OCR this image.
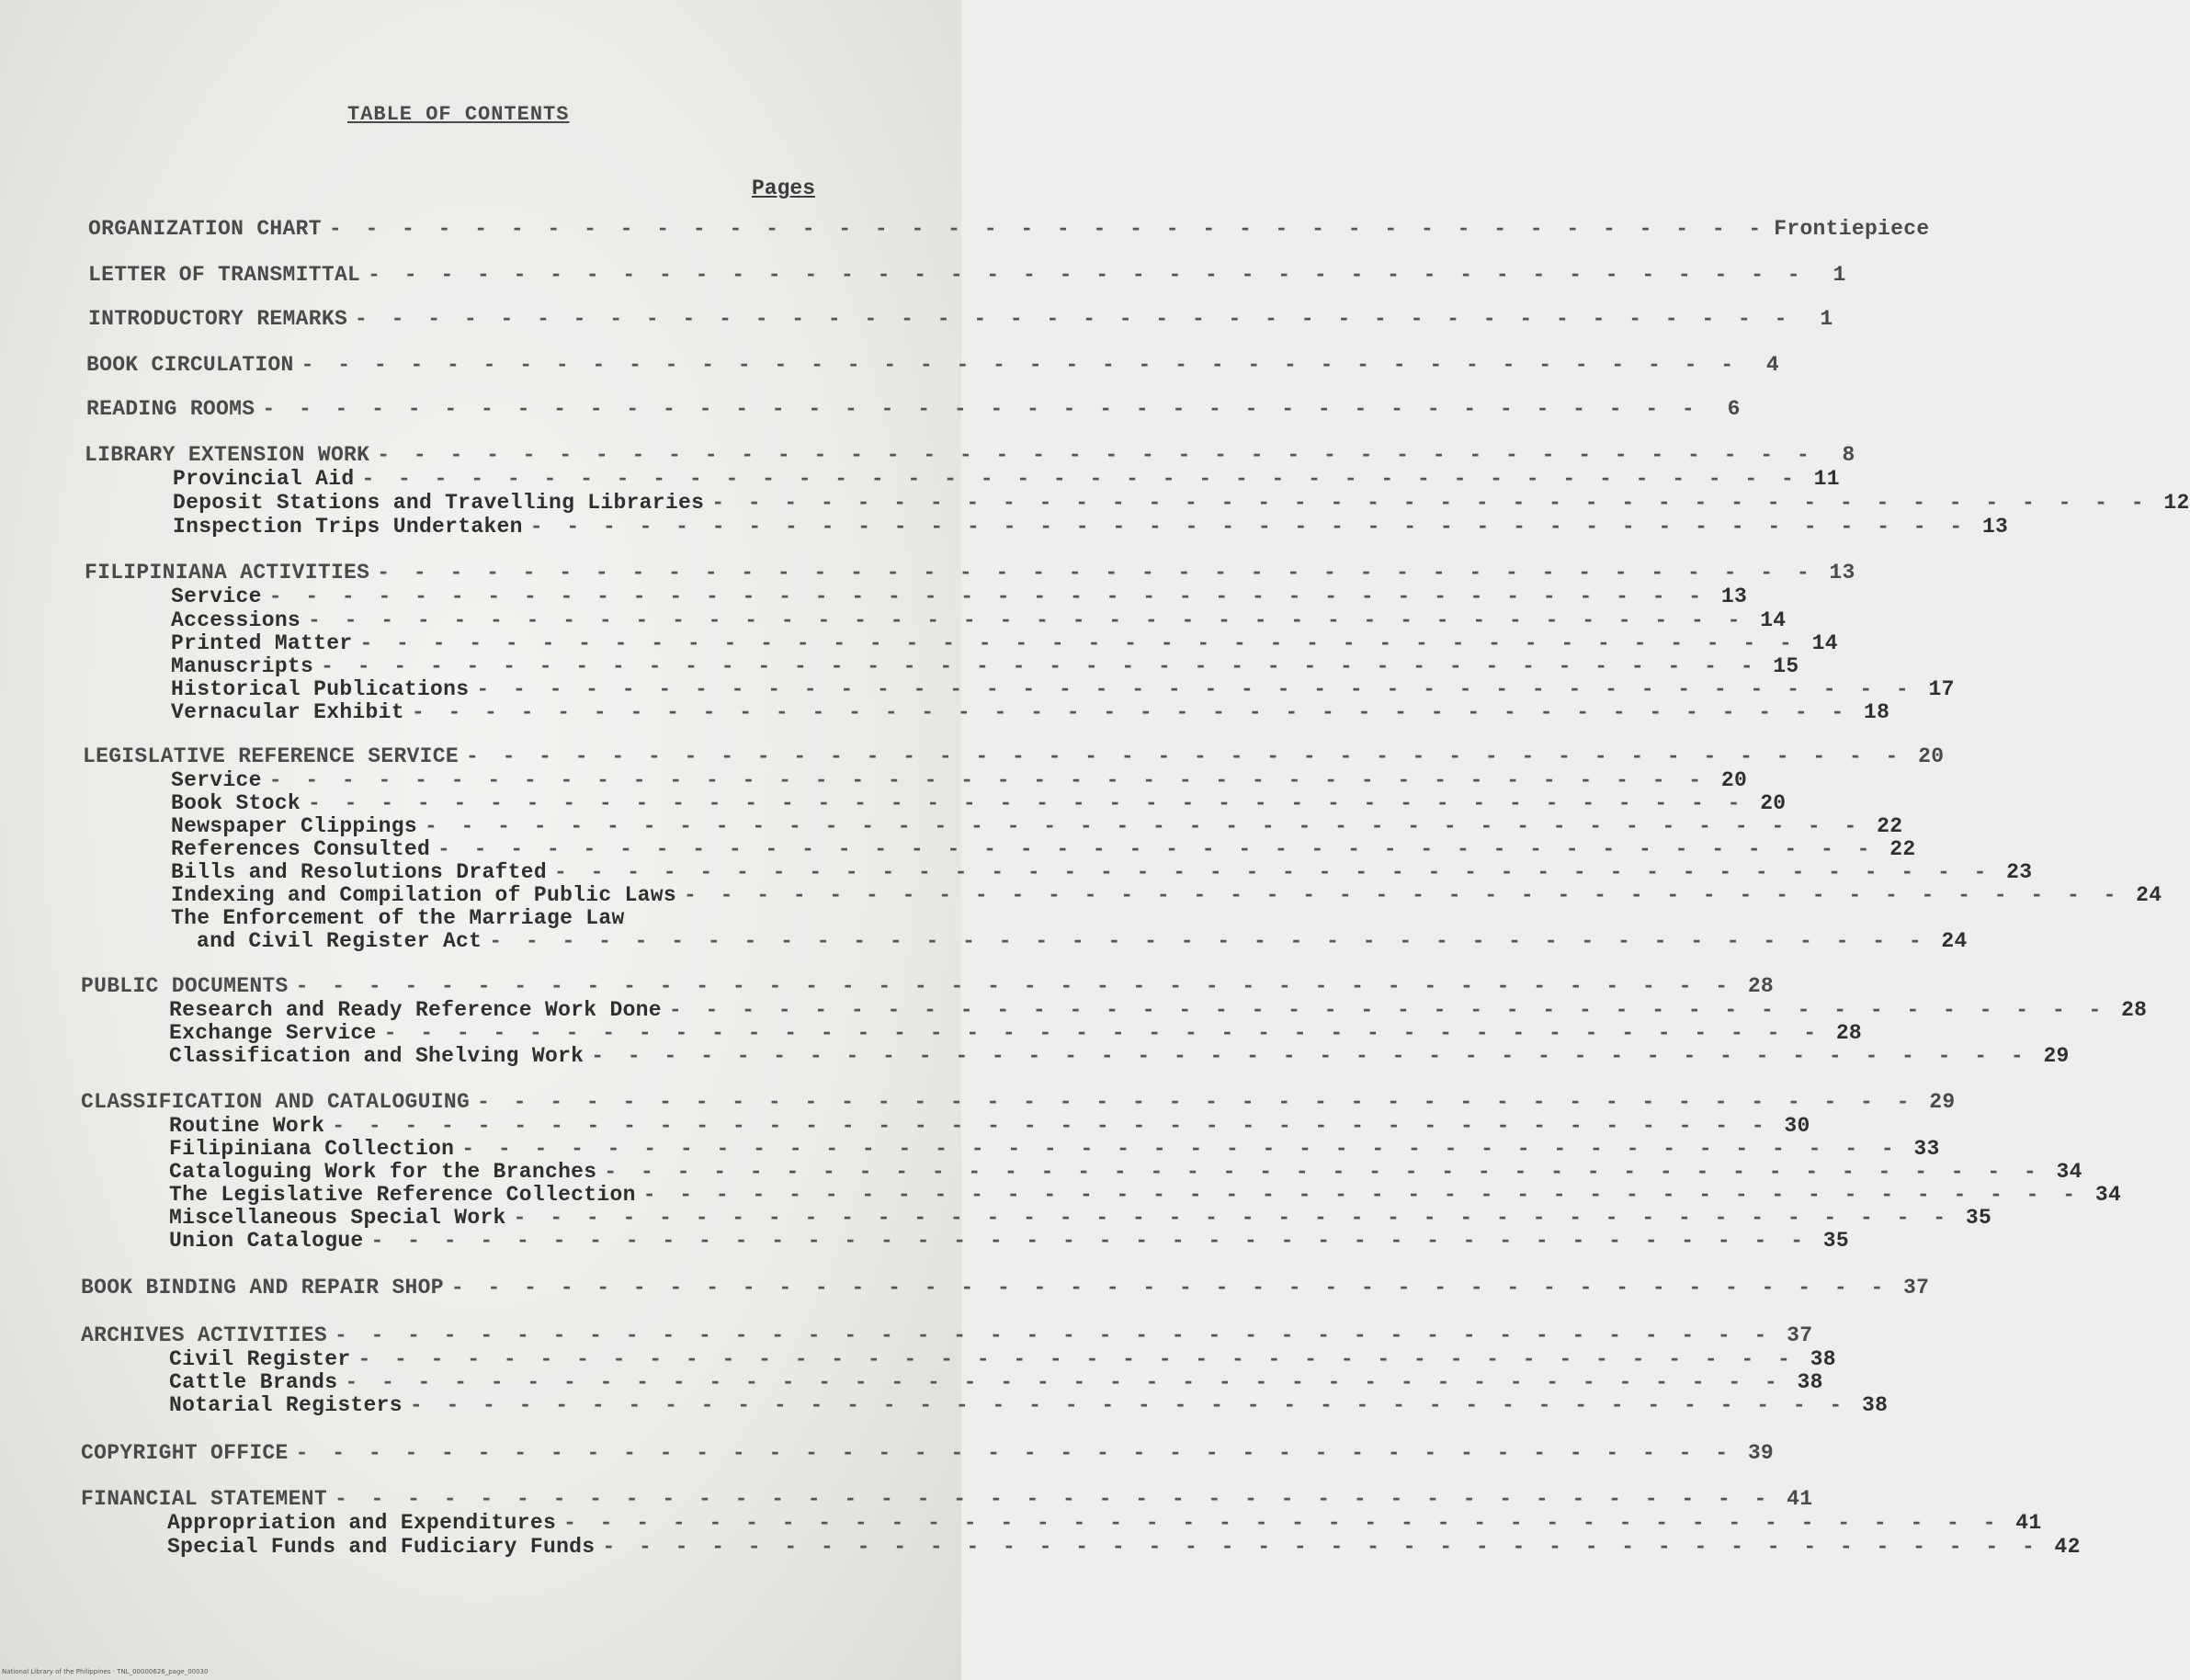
TABLE OF CONTENTS
Pages
ORGANIZATION CHART - - - - - - - - - - - - - - - - - - - - - - - - - - - - - - - - - - - - - - - - Frontiepiece
LETTER OF TRANSMITTAL - - - - - - - - - - - - - - - - - - - - - - - - - - - - - - - - - - - - - - - -	1
INTRODUCTORY REMARKS - - - - - - - - - - - - - - - - - - - - - - - - - - - - - - - - - - - - - - - -	1
BOOK CIRCULATION - - - - - - - - - - - - - - - - - - - - - - - - - - - - - - - - - - - - - - - -	4
READING ROOMS - - - - - - - - - - - - - - - - - - - - - - - - - - - - - - - - - - - - - - - -	6
LIBRARY EXTENSION WORK - - - - - - - - - - - - - - - - - - - - - - - - - - - - - - - - - - - - - - - -	8
Provincial Aid - - - - - - - - - - - - - - - - - - - - - - - - - - - - - - - - - - - - - - - - 11
Deposit Stations and Travelling Libraries - - - - - - - - - - - - - - - - - - - - - - - - - - - - - - - - - - - - - - - - 12
Inspection Trips Undertaken - - - - - - - - - - - - - - - - - - - - - - - - - - - - - - - - - - - - - - - - 13
FILIPINIANA ACTIVITIES - - - - - - - - - - - - - - - - - - - - - - - - - - - - - - - - - - - - - - - - 13
Service - - - - - - - - - - - - - - - - - - - - - - - - - - - - - - - - - - - - - - - - 13
Accessions - - - - - - - - - - - - - - - - - - - - - - - - - - - - - - - - - - - - - - - - 14
Printed Matter - - - - - - - - - - - - - - - - - - - - - - - - - - - - - - - - - - - - - - - - 14
Manuscripts - - - - - - - - - - - - - - - - - - - - - - - - - - - - - - - - - - - - - - - - 15
Historical Publications - - - - - - - - - - - - - - - - - - - - - - - - - - - - - - - - - - - - - - - - 17
Vernacular Exhibit - - - - - - - - - - - - - - - - - - - - - - - - - - - - - - - - - - - - - - - - 18
LEGISLATIVE REFERENCE SERVICE - - - - - - - - - - - - - - - - - - - - - - - - - - - - - - - - - - - - - - - - 20
Service - - - - - - - - - - - - - - - - - - - - - - - - - - - - - - - - - - - - - - - - 20
Book Stock - - - - - - - - - - - - - - - - - - - - - - - - - - - - - - - - - - - - - - - - 20
Newspaper Clippings - - - - - - - - - - - - - - - - - - - - - - - - - - - - - - - - - - - - - - - - 22
References Consulted - - - - - - - - - - - - - - - - - - - - - - - - - - - - - - - - - - - - - - - - 22
Bills and Resolutions Drafted - - - - - - - - - - - - - - - - - - - - - - - - - - - - - - - - - - - - - - - - 23
Indexing and Compilation of Public Laws - - - - - - - - - - - - - - - - - - - - - - - - - - - - - - - - - - - - - - - - 24
The Enforcement of the Marriage Law
and Civil Register Act - - - - - - - - - - - - - - - - - - - - - - - - - - - - - - - - - - - - - - - - 24
PUBLIC DOCUMENTS - - - - - - - - - - - - - - - - - - - - - - - - - - - - - - - - - - - - - - - - 28
Research and Ready Reference Work Done - - - - - - - - - - - - - - - - - - - - - - - - - - - - - - - - - - - - - - - - 28
Exchange Service - - - - - - - - - - - - - - - - - - - - - - - - - - - - - - - - - - - - - - - - 28
Classification and Shelving Work - - - - - - - - - - - - - - - - - - - - - - - - - - - - - - - - - - - - - - - - 29
CLASSIFICATION AND CATALOGUING - - - - - - - - - - - - - - - - - - - - - - - - - - - - - - - - - - - - - - - - 29
Routine Work - - - - - - - - - - - - - - - - - - - - - - - - - - - - - - - - - - - - - - - - 30
Filipiniana Collection - - - - - - - - - - - - - - - - - - - - - - - - - - - - - - - - - - - - - - - - 33
Cataloguing Work for the Branches - - - - - - - - - - - - - - - - - - - - - - - - - - - - - - - - - - - - - - - - 34
The Legislative Reference Collection - - - - - - - - - - - - - - - - - - - - - - - - - - - - - - - - - - - - - - - - 34
Miscellaneous Special Work - - - - - - - - - - - - - - - - - - - - - - - - - - - - - - - - - - - - - - - - 35
Union Catalogue - - - - - - - - - - - - - - - - - - - - - - - - - - - - - - - - - - - - - - - - 35
BOOK BINDING AND REPAIR SHOP - - - - - - - - - - - - - - - - - - - - - - - - - - - - - - - - - - - - - - - - 37
ARCHIVES ACTIVITIES - - - - - - - - - - - - - - - - - - - - - - - - - - - - - - - - - - - - - - - - 37
Civil Register - - - - - - - - - - - - - - - - - - - - - - - - - - - - - - - - - - - - - - - - 38
Cattle Brands - - - - - - - - - - - - - - - - - - - - - - - - - - - - - - - - - - - - - - - - 38
Notarial Registers - - - - - - - - - - - - - - - - - - - - - - - - - - - - - - - - - - - - - - - - 38
COPYRIGHT OFFICE - - - - - - - - - - - - - - - - - - - - - - - - - - - - - - - - - - - - - - - - 39
FINANCIAL STATEMENT - - - - - - - - - - - - - - - - - - - - - - - - - - - - - - - - - - - - - - - - 41
Appropriation and Expenditures - - - - - - - - - - - - - - - - - - - - - - - - - - - - - - - - - - - - - - - - 41
Special Funds and Fudiciary Funds - - - - - - - - - - - - - - - - - - - - - - - - - - - - - - - - - - - - - - - - 42
National Library of the Philippines · TNL_00000626_page_00030
